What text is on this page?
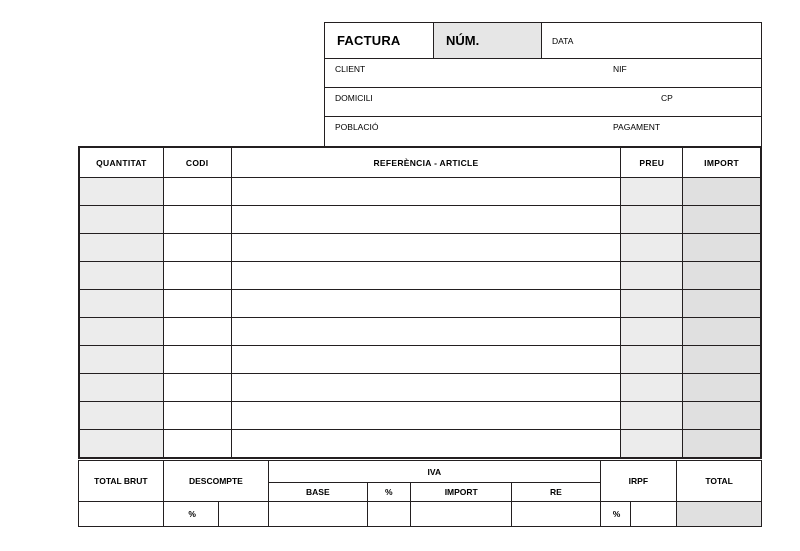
FACTURA	NÚM.	DATA
CLIENT	NIF
DOMICILI	CP
POBLACIÓ	PAGAMENT
QUANTITAT	CODI	REFERÈNCIA - ARTICLE	PREU	IMPORT

TOTAL BRUT	DESCOMPTE		IVA				IRPF		TOTAL
			BASE	%	IMPORT	RE			
	%						%		
